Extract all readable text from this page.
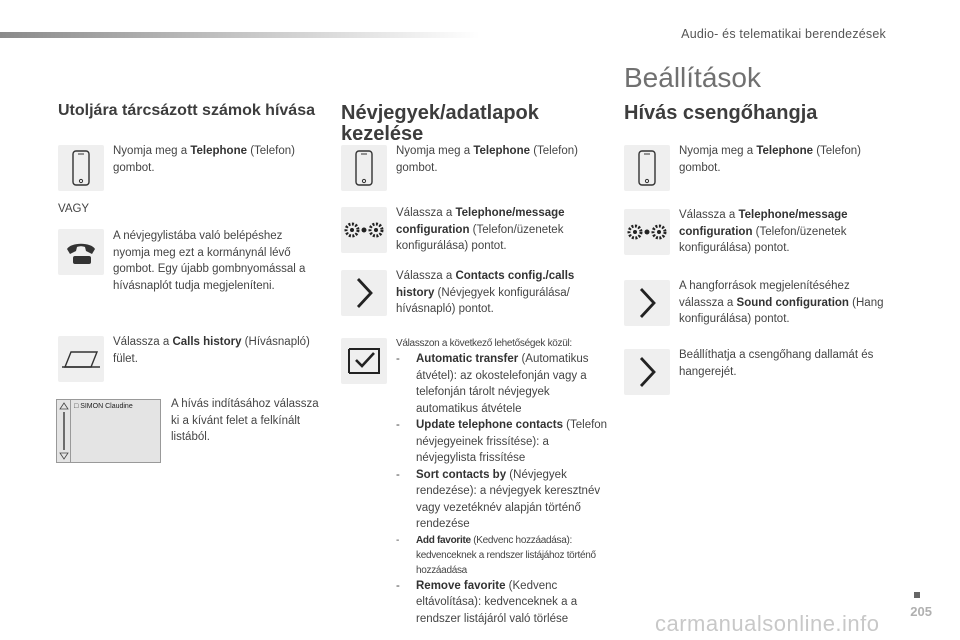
Audio- és telematikai berendezések
Beállítások
Utoljára tárcsázott számok hívása
Nyomja meg a Telephone (Telefon) gombot.
VAGY
A névjegylistába való belépéshez nyomja meg ezt a kormánynál lévő gombot. Egy újabb gombnyomással a hívásnaplót tudja megjeleníteni.
Válassza a Calls history (Hívásnapló) fület.
□ SIMON Claudine	A hívás indításához válassza ki a kívánt felet a felkínált listából.
Névjegyek/adatlapok kezelése
Nyomja meg a Telephone (Telefon) gombot.
Válassza a Telephone/message configuration (Telefon/üzenetek konfigurálása) pontot.
Válassza a Contacts config./calls history (Névjegyek konfigurálása/ hívásnapló) pontot.
Válasszon a következő lehetőségek közül:
- Automatic transfer (Automatikus átvétel): az okostelefonján vagy a telefonján tárolt névjegyek automatikus átvétele
- Update telephone contacts (Telefon névjegyeinek frissítése): a névjegylista frissítése
- Sort contacts by (Névjegyek rendezése): a névjegyek keresztnév vagy vezetéknév alapján történő rendezése
- Add favorite (Kedvenc hozzáadása): kedvenceknek a rendszer listájához történő hozzáadása
- Remove favorite (Kedvenc eltávolítása): kedvenceknek a a rendszer listájáról való törlése
Hívás csengőhangja
Nyomja meg a Telephone (Telefon) gombot.
Válassza a Telephone/message configuration (Telefon/üzenetek konfigurálása) pontot.
A hangforrások megjelenítéséhez válassza a Sound configuration (Hang konfigurálása) pontot.
Beállíthatja a csengőhang dallamát és hangerejét.
205
carmanualsonline.info
